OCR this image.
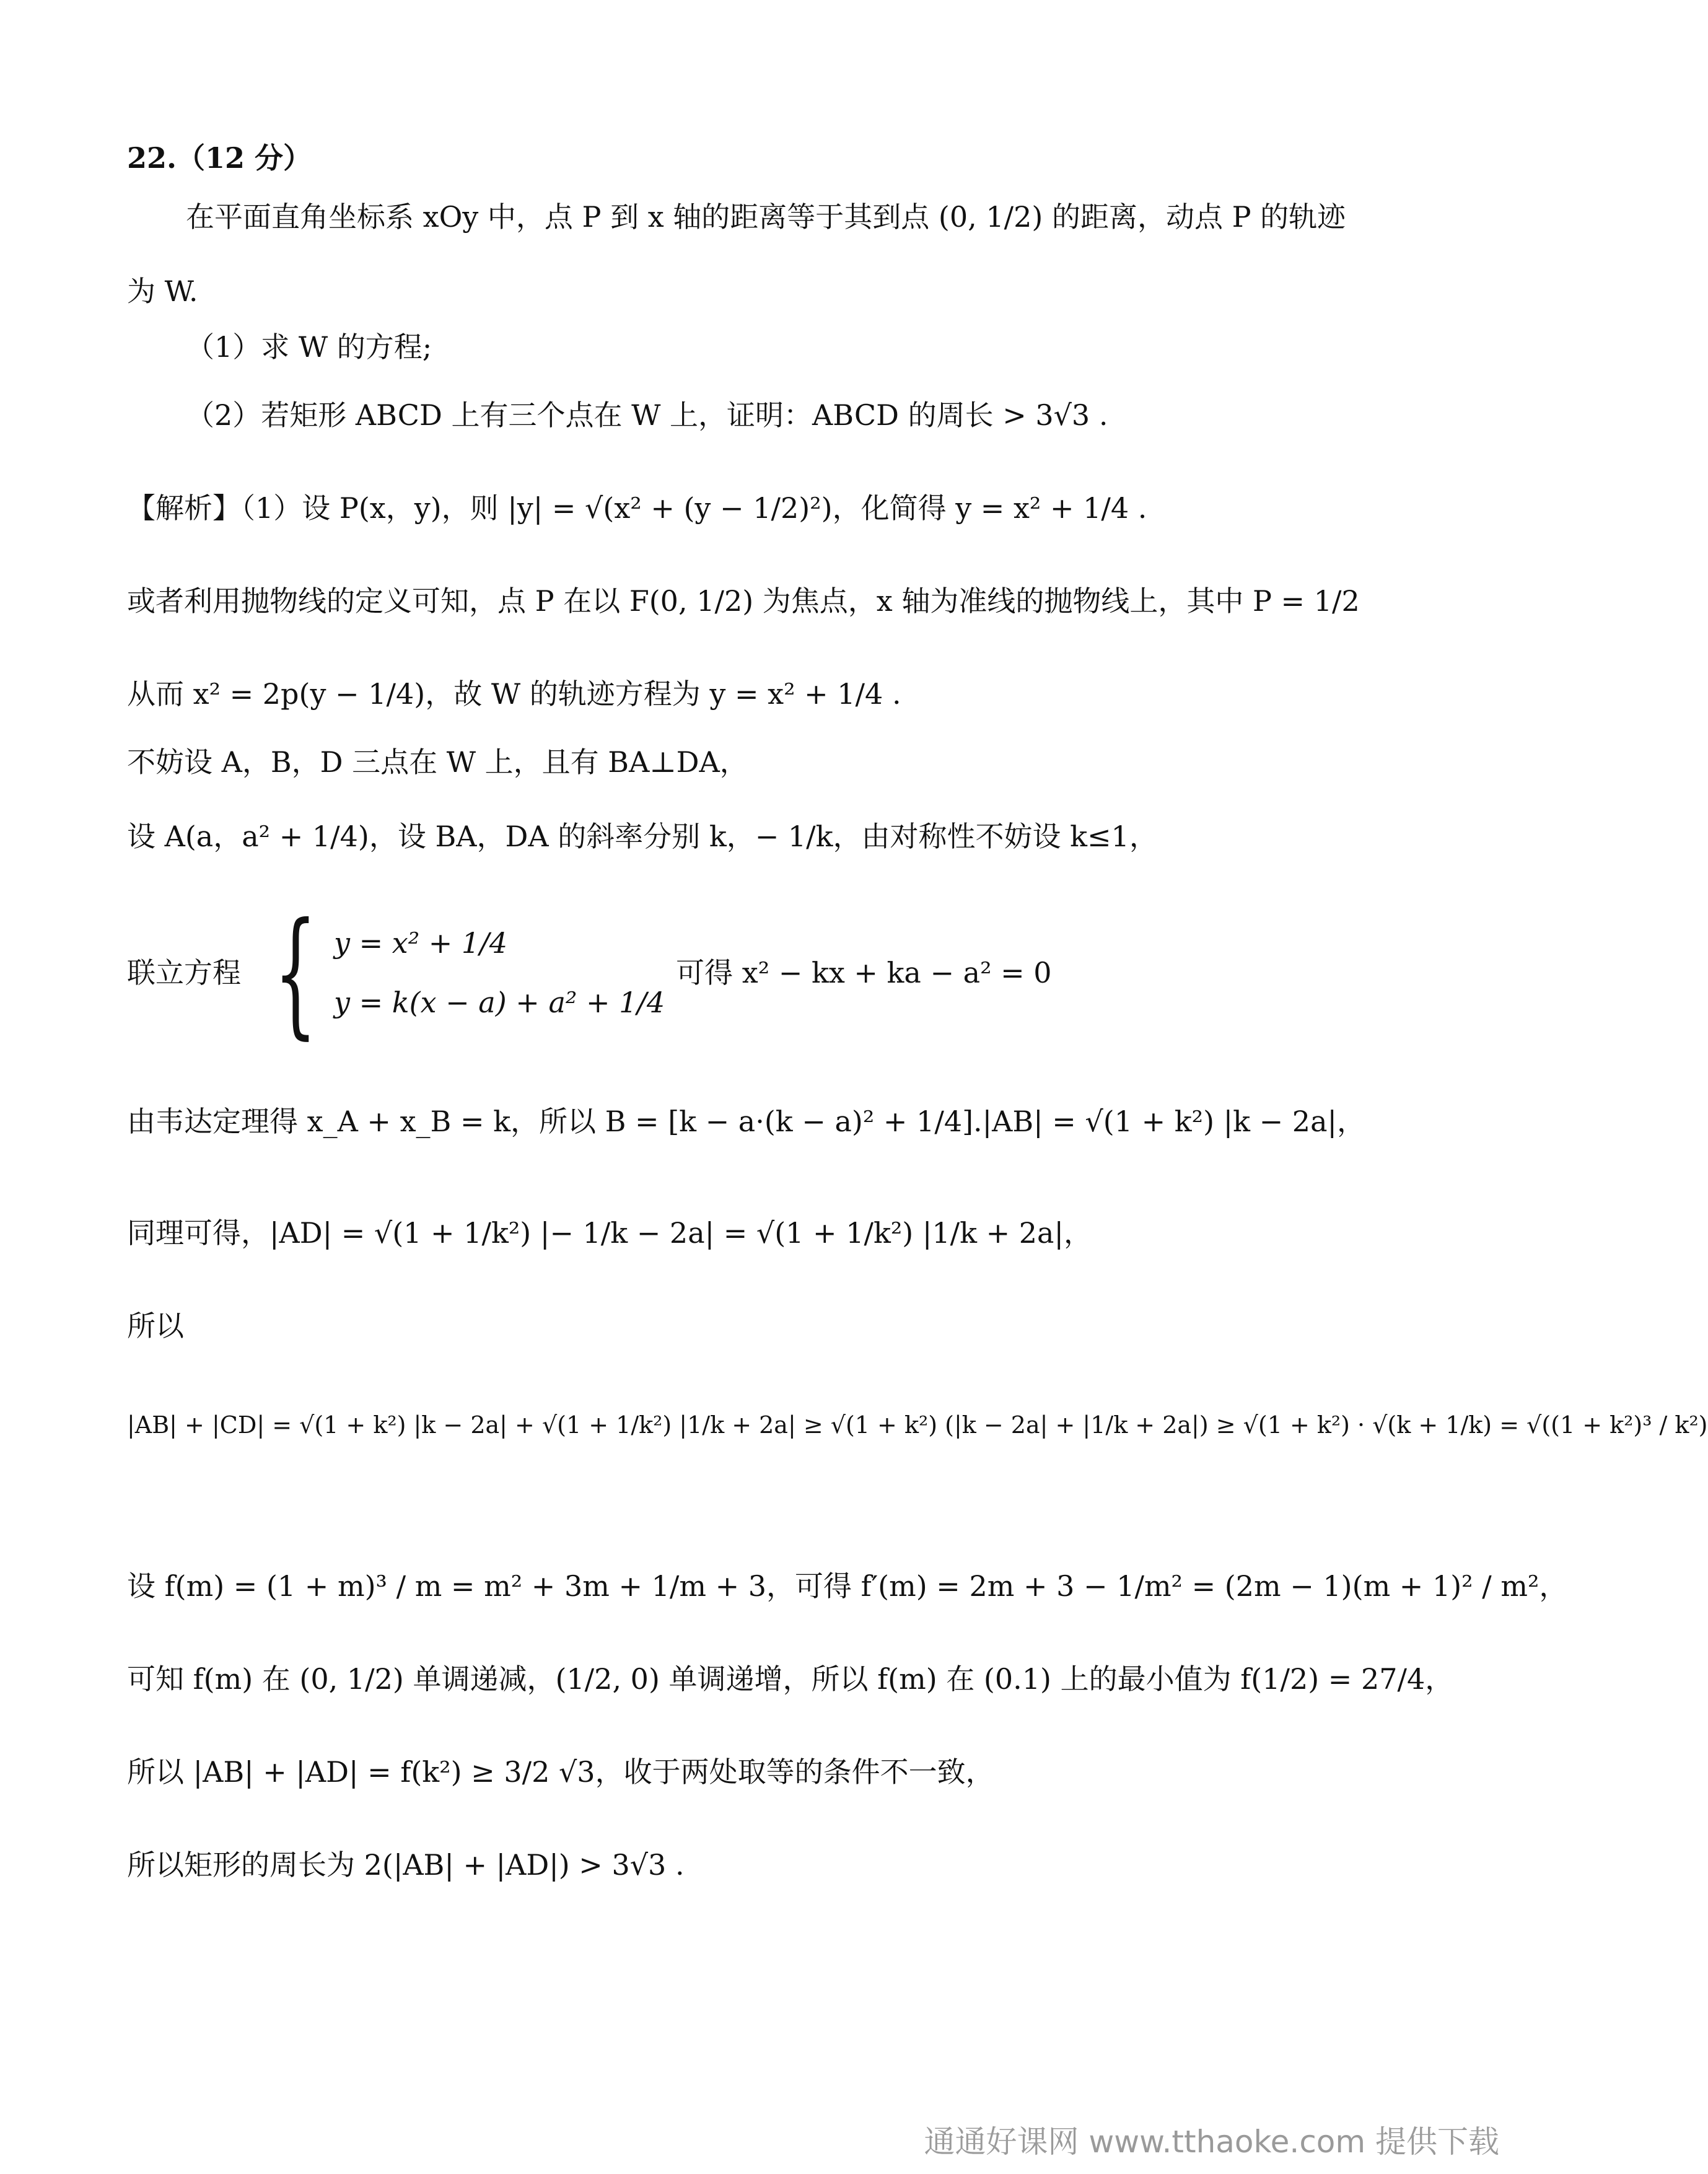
22.（12 分）
在平面直角坐标系 xOy 中，点 P 到 x 轴的距离等于其到点 (0, 1/2) 的距离，动点 P 的轨迹
为 W.
（1）求 W 的方程;
（2）若矩形 ABCD 上有三个点在 W 上，证明：ABCD 的周长 > 3√3 .
【解析】（1）设 P(x，y)，则 |y| = √(x² + (y − 1/2)²)，化简得 y = x² + 1/4 .
或者利用抛物线的定义可知，点 P 在以 F(0, 1/2) 为焦点，x 轴为准线的抛物线上，其中 P = 1/2
从而 x² = 2p(y − 1/4)，故 W 的轨迹方程为 y = x² + 1/4 .
不妨设 A，B，D 三点在 W 上，且有 BA⊥DA，
设 A(a，a² + 1/4)，设 BA，DA 的斜率分别 k，− 1/k，由对称性不妨设 k≤1，
联立方程 { y = x² + 1/4
y = k(x − a) + a² + 1/4
可得 x² − kx + ka − a² = 0
由韦达定理得 x_A + x_B = k，所以 B = [k − a·(k − a)² + 1/4].|AB| = √(1 + k²) |k − 2a|，
同理可得，|AD| = √(1 + 1/k²) |− 1/k − 2a| = √(1 + 1/k²) |1/k + 2a|，
所以
|AB| + |CD| = √(1 + k²) |k − 2a| + √(1 + 1/k²) |1/k + 2a| ≥ √(1 + k²) (|k − 2a| + |1/k + 2a|) ≥ √(1 + k²) · √(k + 1/k) = √((1 + k²)³ / k²)
设 f(m) = (1 + m)³ / m = m² + 3m + 1/m + 3，可得 f′(m) = 2m + 3 − 1/m² = (2m − 1)(m + 1)² / m²，
可知 f(m) 在 (0, 1/2) 单调递减，(1/2, 0) 单调递增，所以 f(m) 在 (0.1) 上的最小值为 f(1/2) = 27/4，
所以 |AB| + |AD| = f(k²) ≥ 3/2 √3，收于两处取等的条件不一致，
所以矩形的周长为 2(|AB| + |AD|) > 3√3 .
通通好课网 www.tthaoke.com 提供下载
